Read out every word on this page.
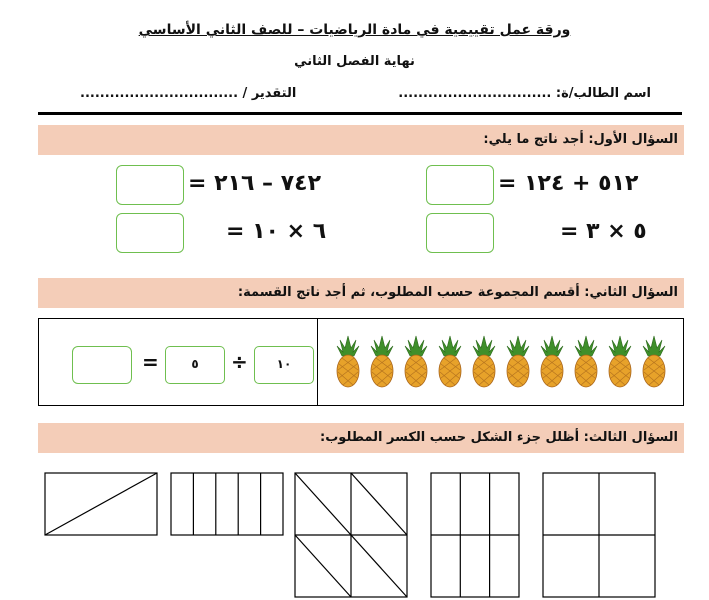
ورقة عمل تقييمية في مادة الرياضيات – للصف الثاني الأساسي
نهاية الفصل الثاني
اسم الطالب/ة: ...............................
التقدير / ................................
السؤال الأول: أجد ناتج ما يلي:
٥١٢ + ١٢٤ =
٧٤٢ – ٢١٦ =
٥ × ٣ =
٦ × ١٠ =
السؤال الثاني: أقسم المجموعة حسب المطلوب، ثم أجد ناتج القسمة:
=	٥	÷	١٠
السؤال الثالث: أظلل جزء الشكل حسب الكسر المطلوب:
